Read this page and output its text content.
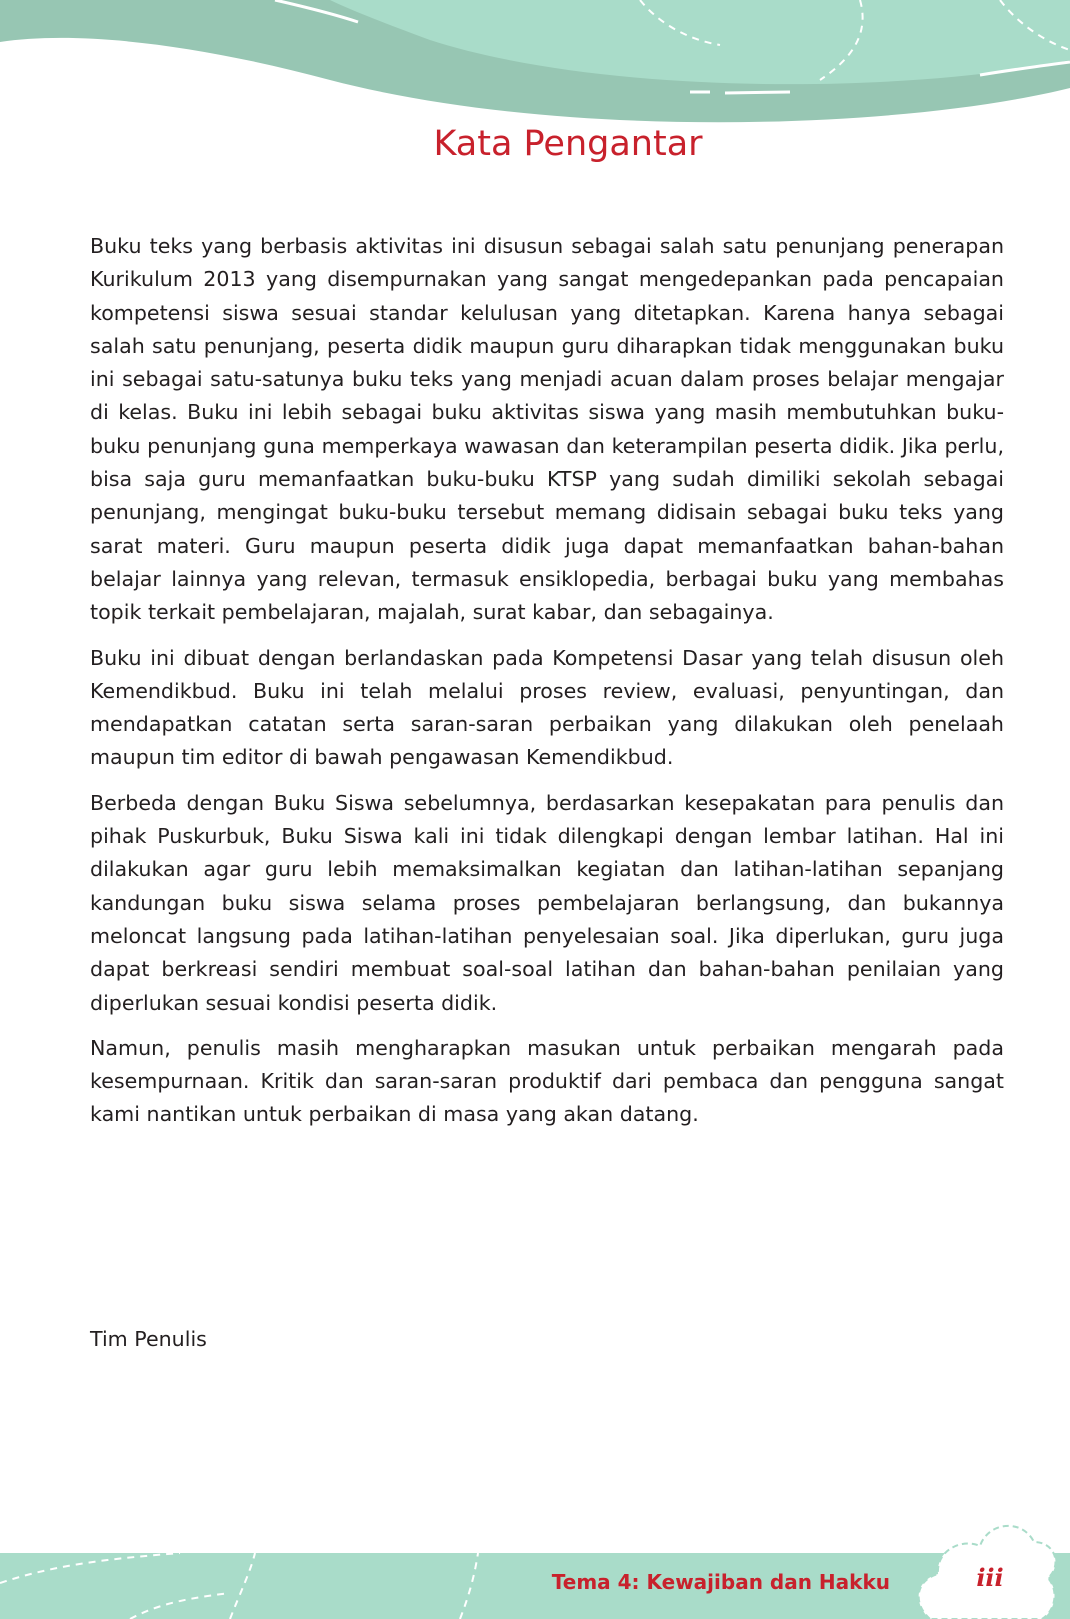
Kata Pengantar

Buku teks yang berbasis aktivitas ini disusun sebagai salah satu penunjang penerapan Kurikulum 2013 yang disempurnakan yang sangat mengedepankan pada pencapaian kompetensi siswa sesuai standar kelulusan yang ditetapkan. Karena hanya sebagai salah satu penunjang, peserta didik maupun guru diharapkan tidak menggunakan buku ini sebagai satu-satunya buku teks yang menjadi acuan dalam proses belajar mengajar di kelas. Buku ini lebih sebagai buku aktivitas siswa yang masih membutuhkan buku-buku penunjang guna memperkaya wawasan dan keterampilan peserta didik. Jika perlu, bisa saja guru memanfaatkan buku-buku KTSP yang sudah dimiliki sekolah sebagai penunjang, mengingat buku-buku tersebut memang didisain sebagai buku teks yang sarat materi. Guru maupun peserta didik juga dapat memanfaatkan bahan-bahan belajar lainnya yang relevan, termasuk ensiklopedia, berbagai buku yang membahas topik terkait pembelajaran, majalah, surat kabar, dan sebagainya.

Buku ini dibuat dengan berlandaskan pada Kompetensi Dasar yang telah disusun oleh Kemendikbud. Buku ini telah melalui proses review, evaluasi, penyuntingan, dan mendapatkan catatan serta saran-saran perbaikan yang dilakukan oleh penelaah maupun tim editor di bawah pengawasan Kemendikbud.

Berbeda dengan Buku Siswa sebelumnya, berdasarkan kesepakatan para penulis dan pihak Puskurbuk, Buku Siswa kali ini tidak dilengkapi dengan lembar latihan. Hal ini dilakukan agar guru lebih memaksimalkan kegiatan dan latihan-latihan sepanjang kandungan buku siswa selama proses pembelajaran berlangsung, dan bukannya meloncat langsung pada latihan-latihan penyelesaian soal. Jika diperlukan, guru juga dapat berkreasi sendiri membuat soal-soal latihan dan bahan-bahan penilaian yang diperlukan sesuai kondisi peserta didik.

Namun, penulis masih mengharapkan masukan untuk perbaikan mengarah pada kesempurnaan. Kritik dan saran-saran produktif dari pembaca dan pengguna sangat kami nantikan untuk perbaikan di masa yang akan datang.

Tim Penulis

Tema 4: Kewajiban dan Hakku	iii
